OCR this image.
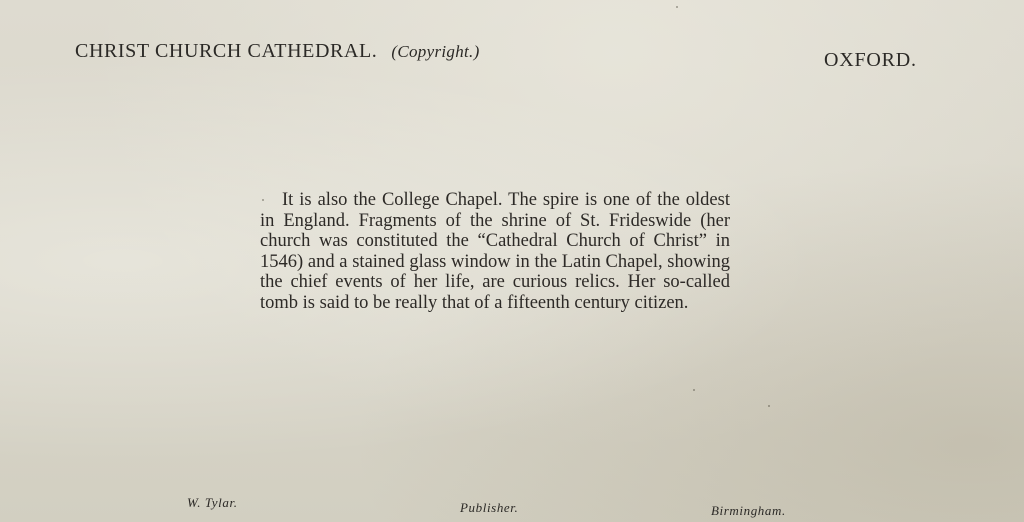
CHRIST CHURCH CATHEDRAL. (Copyright.)	OXFORD.

It is also the College Chapel. The spire is one of the oldest in England. Fragments of the shrine of St. Frideswide (her church was constituted the “Cathedral Church of Christ” in 1546) and a stained glass window in the Latin Chapel, showing the chief events of her life, are curious relics. Her so-called tomb is said to be really that of a fifteenth century citizen.

W. Tylar.	Publisher.	Birmingham.
